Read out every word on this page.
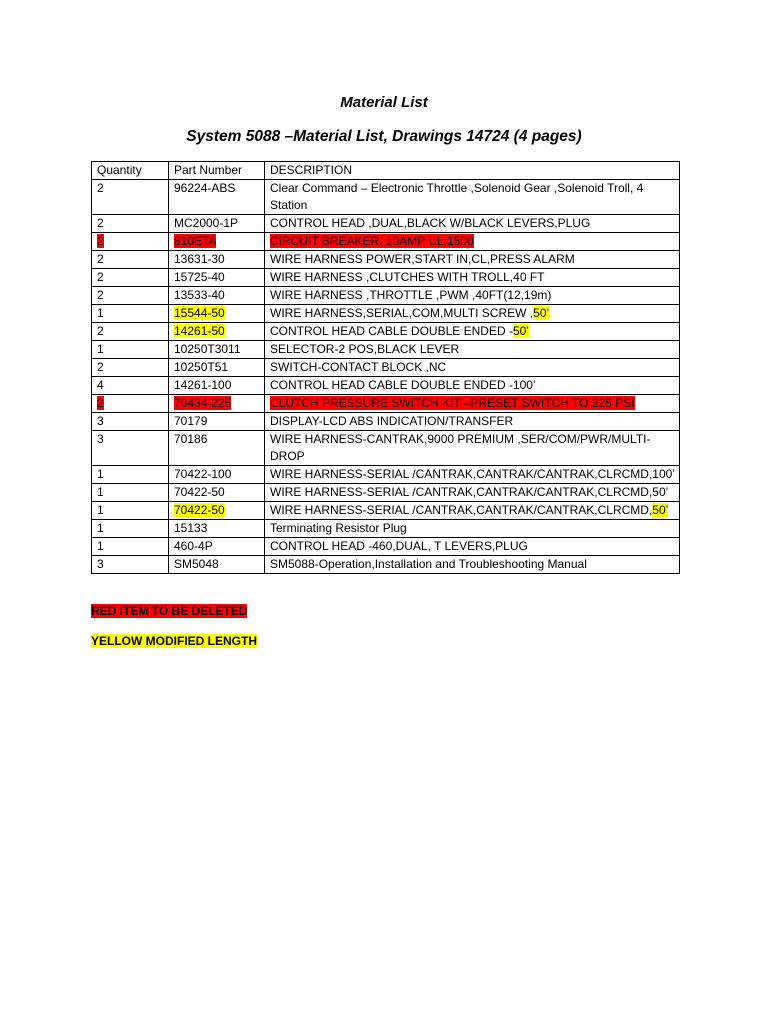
Material List
System 5088 –Material List, Drawings 14724 (4 pages)
Quantity	Part Number	DESCRIPTION
2	96224-ABS	Clear Command – Electronic Throttle ,Solenoid Gear ,Solenoid Troll, 4 Station
2	MC2000-1P	CONTROL HEAD ,DUAL,BLACK W/BLACK LEVERS,PLUG
2	810ETA	CIRCUIT BREAKER. 10AMP UL,1500
2	13631-30	WIRE HARNESS POWER,START IN,CL,PRESS ALARM
2	15725-40	WIRE HARNESS ,CLUTCHES WITH TROLL,40 FT
2	13533-40	WIRE HARNESS ,THROTTLE ,PWM ,40FT(12,19m)
1	15544-50	WIRE HARNESS,SERIAL,COM,MULTI SCREW ,50’
2	14261-50	CONTROL HEAD CABLE DOUBLE ENDED -50’
1	10250T3011	SELECTOR-2 POS,BLACK LEVER
2	10250T51	SWITCH-CONTACT BLOCK ,NC
4	14261-100	CONTROL HEAD CABLE DOUBLE ENDED -100’
2	70434-225	CLUTCH PRESSURE SWITCH KIT –PRESET SWITCH TO 225 PSI
3	70179	DISPLAY-LCD ABS INDICATION/TRANSFER
3	70186	WIRE HARNESS-CANTRAK,9000 PREMIUM ,SER/COM/PWR/MULTI-DROP
1	70422-100	WIRE HARNESS-SERIAL /CANTRAK,CANTRAK/CANTRAK,CLRCMD,100’
1	70422-50	WIRE HARNESS-SERIAL /CANTRAK,CANTRAK/CANTRAK,CLRCMD,50’
1	70422-50	WIRE HARNESS-SERIAL /CANTRAK,CANTRAK/CANTRAK,CLRCMD,50’
1	15133	Terminating Resistor Plug
1	460-4P	CONTROL HEAD -460,DUAL, T LEVERS,PLUG
3	SM5048	SM5088-Operation,Installation and Troubleshooting Manual
RED ITEM TO BE DELETED
YELLOW MODIFIED LENGTH
